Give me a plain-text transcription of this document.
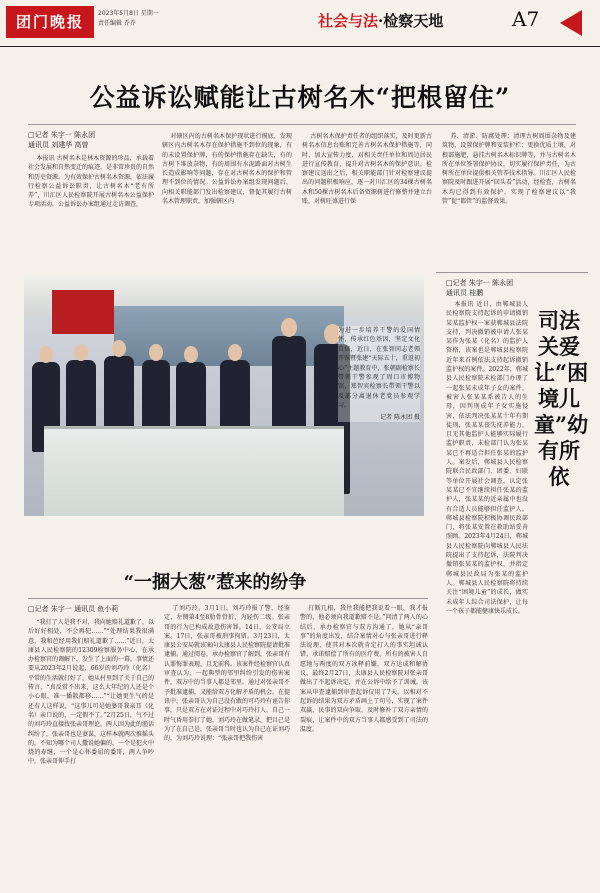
团门晚报	2023年5月8日 星期一
责任编辑 乔乔	社会与法·检察天地	A7
公益诉讼赋能让古树名木“把根留住”
□记者 朱宇一 陈永团
通讯员 刘建华 高曾

本报讯 古树名木是林木资源的珍品，承载着社会发展和自然变迁的痕迹，是非常珍贵的自然和历史资源。为有效保护古树名木资源，依法履行检察公益诉讼职责，让古树名木“老有所养”，川汇区人民检察院开展古树名木公益保护专项活动。公益诉讼办案组通过走访调查，

对辖区内的古树名木保护现状进行摸底，发现辖区内古树名木存在保护措施不到位的现象，有的未设置保护牌，有的保护措施存在缺失，有的古树下堆放杂物，有的周围有水泥路面对古树生长造成影响等问题，存在对古树名木的保护和管理不到位的情况。公益诉讼办案组发现问题后，向相关职能部门发出检察建议，督促其履行古树名木管理职责，加强辖区内

古树名木保护责任者的组织落实，及时更新古树名木信息台账和完善古树名木保护措施等，同时，加大宣传力度，对相关责任单位和周边居民进行宣传教育，提升对古树名木的保护意识。检察建议送出之后，相关职能部门针对检察建议提出的问题积极响应，逐一对川汇区的34棵古树名木和50棵古树名木后备资源树进行修整并建立台账，对树旺盛进行保

养、清淤、防腐处理；清理古树周围杂物及建筑物，设置保护牌和安装护栏；更换优质土壤，对根部施肥，悬挂古树名木标识牌等，并与古树名木所在单位签署保护协议，切实履行保护责任，为古树所在单位提供相关管养技术指导。川汇区人民检察院及时跟进开展“回头看”活动，经检查，古树名木均已得到有效保护，实现了检察建议以“我管”促“都管”的监督效果。

为进一步培养干警的爱国情怀，传承红色基因，坚定文化自信，近日，在张智同志老领开馆暨张建“天际五十，重返初心”主题教育中，张朝副检察长带领干警参观了周口市博物馆，郑智宾检察长带领干警以及部分离退休老党员参观学习。
记者 陈永团 摄
“一捆大葱”惹来的纷争
□记者 朱宇一 通讯员 鱼小莉

“我打了人是我不对，我向她赔礼道歉了，以后好好相处，不会再犯……”“处理结果我很满意，我和芭经用我们赔礼道歉了……”近日，太康县人民检察院的12309检察服务中心，在承办检察官的调解下，发生了上面的一幕。事情还要从2023年2月说起，66岁的刘巧玲（化名）平常的生活就打好了，她从村里到了关于自己的传言，“真反常不出来，这么大年纪的人还是个小心眼，准一播散都移……”“让她更生气的是还有人这样说，“这事儿可是她婆哥我亲耳（化名）亲口说的，一定假不了。”2月25日，气不过的刘巧玲直接找张亲哥理论，两人因为此的渔话纠纷了，张亲哥也是妻谋，这样本就两次推摇头的，不知为哪个司人撒说她偏的，一个是犯火中烧的寿继，一个是心怀委屈的委哥，两人争吵中，张亲哥伸手打

了刘巧玲。3月1日，刘巧玲报了警，经鉴定，左侧第4至8肋骨骨折，为轻伤二级。张亲哥的行为已构成故意伤害罪。14日，公安局立案。17日，张亲哥被刑事拘留。3月23日，太康县公安局就该案向太康县人民检察院提请批准逮捕。通过阅卷，承办检察官了解到，张亲哥有认罪悔罪表现，且无前科。该案件经检察官认真审查认为，一起典型的邻里纠纷引发的伤害案件，双方中的当事人都是邻里。通过对张亲哥不予批准逮捕，又能给双方化解矛盾的机会。在提讯中，张亲哥认为自己没有敢的可巧玲有诬告你事，只是双方在对证过程中对巧玲打人，自己一时气昏用拳打了她，刘巧玲在做笔录，把目己是为了在自己是，张亲哥当时也认为自己在证刘巧的，为刘巧玲说理：“张亲哥把我伤害

打断几根，我往我能把我说看一眼，我才报警的，他必须向我道歉赔不是。”问清了两人的心结后，承办检察官与双方沟通了，她从“亲哥事”的角度出发，结合案情对心与张亲哥进行释法说理，使其对本次就肯定打人的事实坦诚认错，承诺赔偿了所有的医疗费。所有的被害人自愿地与两度的双方冰释前嫌，双方达成和解协议，最终2月27日，太康县人民检察院对张亲哥做出了不起诉决定，并在公诉中给予了训诫。该案从申查逮捕到审查起诉仅用了7天，以相对不起诉的结果为双方矛盾画上了句号，实现了案件双赢、民事的双向争取，及时修补了双方亲情的裂痕，让案件中的双方当事人都感受到了司法的温度。

□记者 朱宇一 陈永团
通讯员 桂鹏

本报讯 近日，由郸城县人民检察院支持起诉的申请撤销某某监护权一案获郸城县法院支持，判决撤销被申请人张某某作为张某（化名）的监护人资格，该案也是郸城县检察院近年来首例依法支持起诉撤销监护权的案件。2022年，郸城县人民检察院未检部门办理了一起张某未成年子女的案件，被害人张某某系被告人的生母，因判刑成年子女实施侵害，依法判决张某某十年有期徒刑，张某某丧失抚养能力，且无其他监护人能够实际履行监护职责，未检部门认为张某某已不再适合担任张某的监护人。案发后，郸城县人民检察院联合民政部门、团委、妇联等单位开展社会调查，认定张某某已不宜继续担任张某的监护人，张某某的近亲属中也没有合适人员能够担任监护人。郸城县检察院积极协调民政部门，将张某安置在救助站妥善照顾。2023年4月24日，郸城县人民检察院向郸城县人民法院提出了支持起诉，法院判决撤销张某某的监护权，并指定郸城县民政局为张某的监护人。郸城县人民检察院将持续关注“困境儿童”的成长，做实未成年人综合司法保护，让每一个孩子都能健康快乐成长。

司法关爱让“困境儿童”幼有所依
